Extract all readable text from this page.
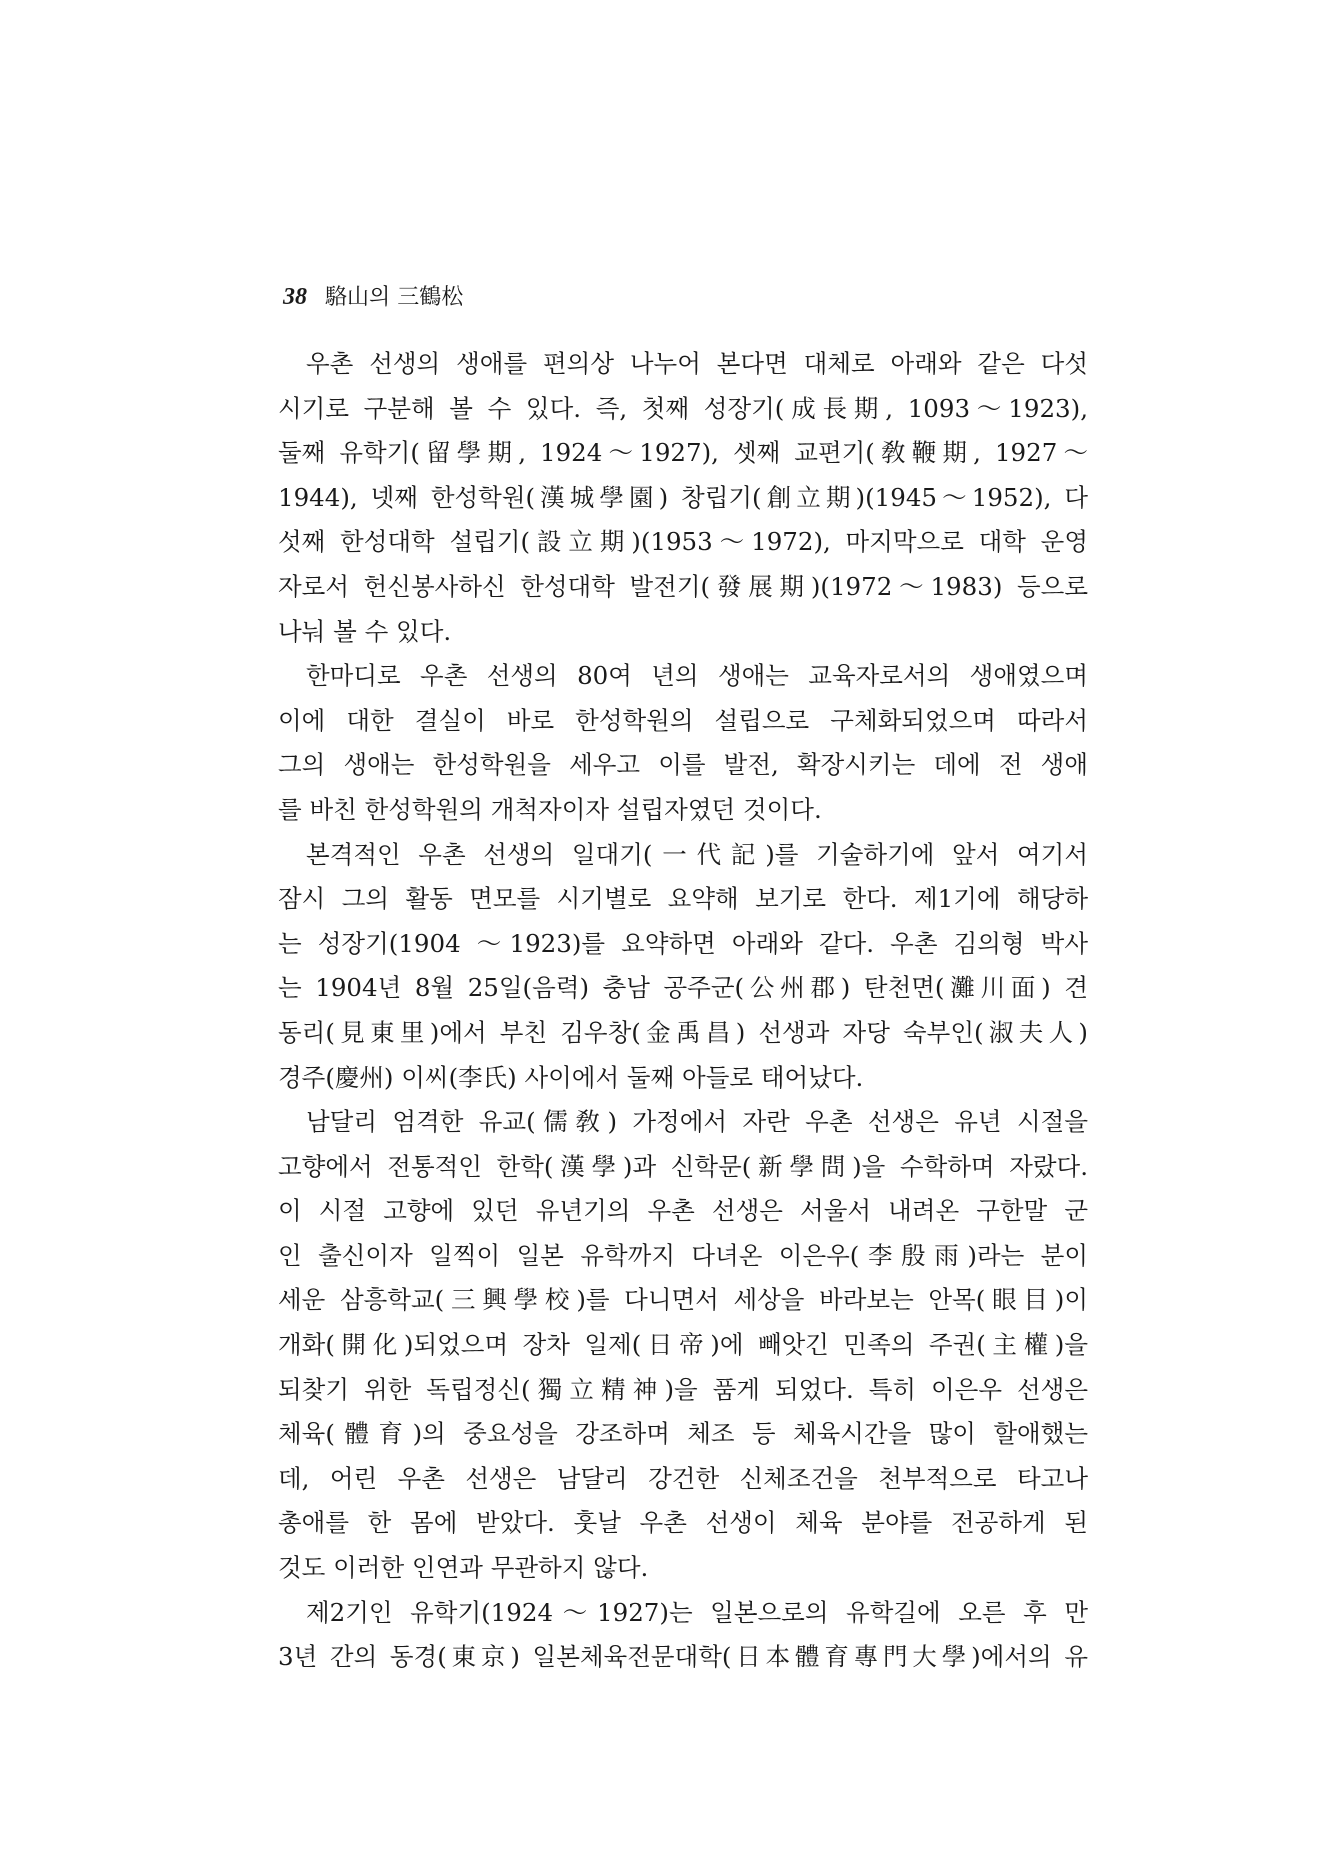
38 駱山의 三鶴松
우촌 선생의 생애를 편의상 나누어 본다면 대체로 아래와 같은 다섯
시기로 구분해 볼 수 있다. 즉, 첫째 성장기(成長期, 1093～1923),
둘째 유학기(留學期, 1924～1927), 셋째 교편기(敎鞭期, 1927～
1944), 넷째 한성학원(漢城學園) 창립기(創立期)(1945～1952), 다
섯째 한성대학 설립기(設立期)(1953～1972), 마지막으로 대학 운영
자로서 헌신봉사하신 한성대학 발전기(發展期)(1972～1983) 등으로
나눠 볼 수 있다.
한마디로 우촌 선생의 80여 년의 생애는 교육자로서의 생애였으며
이에 대한 결실이 바로 한성학원의 설립으로 구체화되었으며 따라서
그의 생애는 한성학원을 세우고 이를 발전, 확장시키는 데에 전 생애
를 바친 한성학원의 개척자이자 설립자였던 것이다.
본격적인 우촌 선생의 일대기(一代記)를 기술하기에 앞서 여기서
잠시 그의 활동 면모를 시기별로 요약해 보기로 한다. 제1기에 해당하
는 성장기(1904 ～1923)를 요약하면 아래와 같다. 우촌 김의형 박사
는 1904년 8월 25일(음력) 충남 공주군(公州郡) 탄천면(灘川面) 견
동리(見東里)에서 부친 김우창(金禹昌) 선생과 자당 숙부인(淑夫人)
경주(慶州) 이씨(李氏) 사이에서 둘째 아들로 태어났다.
남달리 엄격한 유교(儒敎) 가정에서 자란 우촌 선생은 유년 시절을
고향에서 전통적인 한학(漢學)과 신학문(新學問)을 수학하며 자랐다.
이 시절 고향에 있던 유년기의 우촌 선생은 서울서 내려온 구한말 군
인 출신이자 일찍이 일본 유학까지 다녀온 이은우(李殷雨)라는 분이
세운 삼흥학교(三興學校)를 다니면서 세상을 바라보는 안목(眼目)이
개화(開化)되었으며 장차 일제(日帝)에 빼앗긴 민족의 주권(主權)을
되찾기 위한 독립정신(獨立精神)을 품게 되었다. 특히 이은우 선생은
체육(體育)의 중요성을 강조하며 체조 등 체육시간을 많이 할애했는
데, 어린 우촌 선생은 남달리 강건한 신체조건을 천부적으로 타고나
총애를 한 몸에 받았다. 훗날 우촌 선생이 체육 분야를 전공하게 된
것도 이러한 인연과 무관하지 않다.
제2기인 유학기(1924～1927)는 일본으로의 유학길에 오른 후 만
3년 간의 동경(東京) 일본체육전문대학(日本體育專門大學)에서의 유
